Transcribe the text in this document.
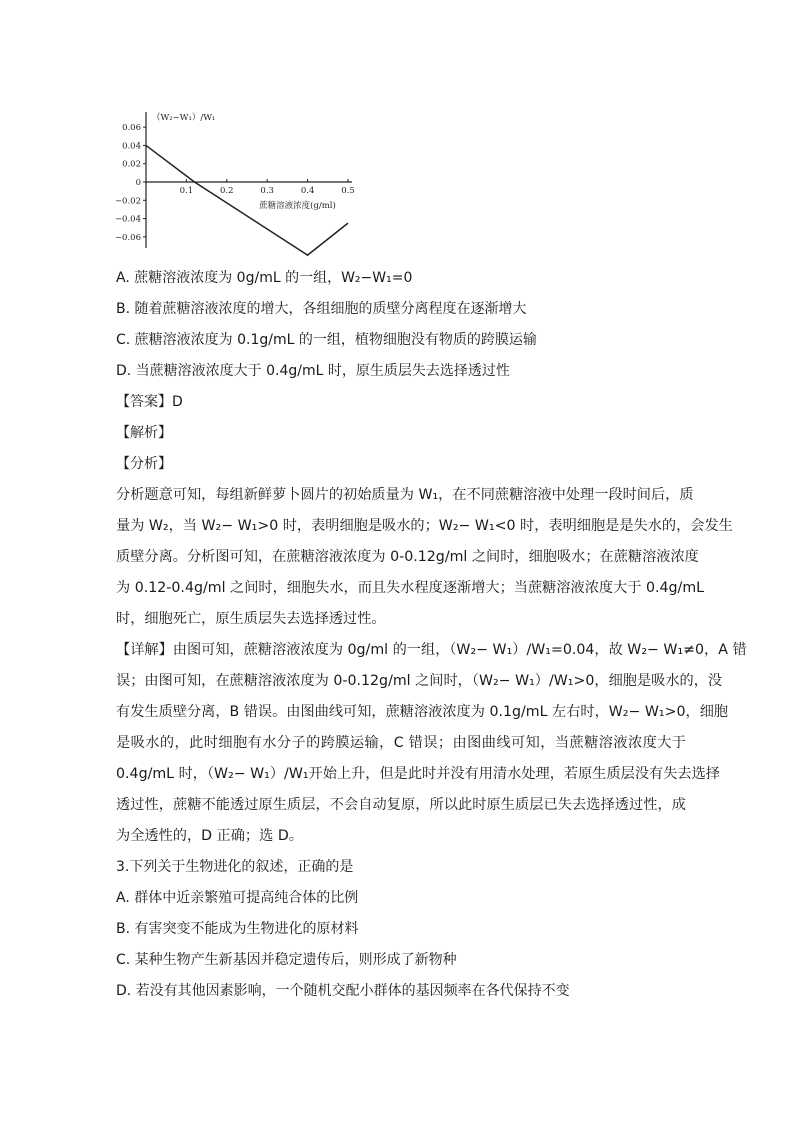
0.06
0.04
0.02
0
−0.02
−0.04
−0.06
0.1	0.2	0.3	0.4	0.5
（W₂−W₁）/W₁
蔗糖溶液浓度(g/ml)
A. 蔗糖溶液浓度为 0g/mL 的一组，W₂−W₁=0
B. 随着蔗糖溶液浓度的增大，各组细胞的质壁分离程度在逐渐增大
C. 蔗糖溶液浓度为 0.1g/mL 的一组，植物细胞没有物质的跨膜运输
D. 当蔗糖溶液浓度大于 0.4g/mL 时，原生质层失去选择透过性
【答案】D
【解析】
【分析】
分析题意可知，每组新鲜萝卜圆片的初始质量为 W₁，在不同蔗糖溶液中处理一段时间后，质
量为 W₂，当 W₂− W₁>0 时，表明细胞是吸水的；W₂− W₁<0 时，表明细胞是是失水的，会发生
质壁分离。分析图可知，在蔗糖溶液浓度为 0-0.12g/ml 之间时，细胞吸水；在蔗糖溶液浓度
为 0.12-0.4g/ml 之间时，细胞失水，而且失水程度逐渐增大；当蔗糖溶液浓度大于 0.4g/mL
时，细胞死亡，原生质层失去选择透过性。
【详解】由图可知，蔗糖溶液浓度为 0g/ml 的一组，（W₂− W₁）/W₁=0.04，故 W₂− W₁≠0，A 错
误；由图可知，在蔗糖溶液浓度为 0-0.12g/ml 之间时，（W₂− W₁）/W₁>0，细胞是吸水的，没
有发生质壁分离，B 错误。由图曲线可知，蔗糖溶液浓度为 0.1g/mL 左右时，W₂− W₁>0，细胞
是吸水的，此时细胞有水分子的跨膜运输，C 错误；由图曲线可知，当蔗糖溶液浓度大于
0.4g/mL 时，（W₂− W₁）/W₁开始上升，但是此时并没有用清水处理，若原生质层没有失去选择
透过性，蔗糖不能透过原生质层，不会自动复原，所以此时原生质层已失去选择透过性，成
为全透性的，D 正确；选 D。
3.下列关于生物进化的叙述，正确的是
A. 群体中近亲繁殖可提高纯合体的比例
B. 有害突变不能成为生物进化的原材料
C. 某种生物产生新基因并稳定遗传后，则形成了新物种
D. 若没有其他因素影响，一个随机交配小群体的基因频率在各代保持不变
